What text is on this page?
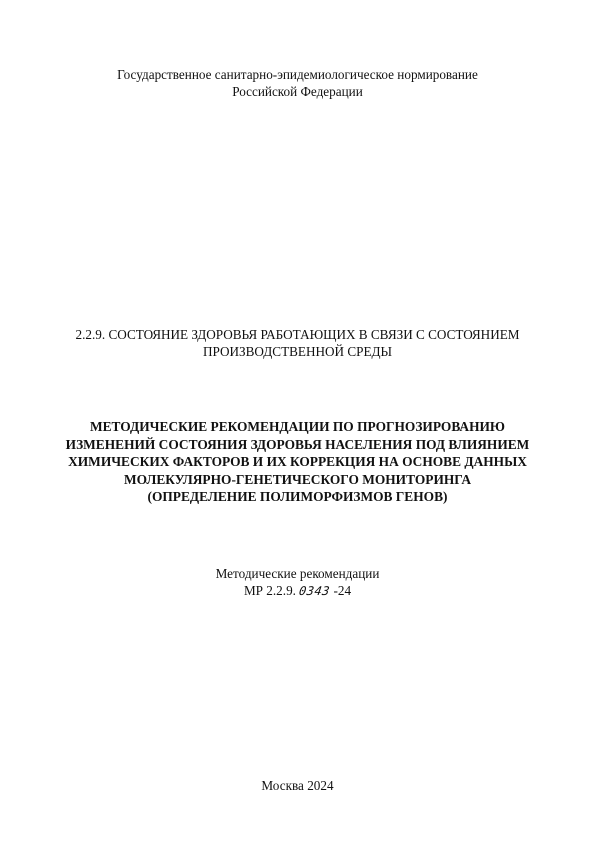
Государственное санитарно-эпидемиологическое нормирование
Российской Федерации
2.2.9. СОСТОЯНИЕ ЗДОРОВЬЯ РАБОТАЮЩИХ В СВЯЗИ С СОСТОЯНИЕМ
ПРОИЗВОДСТВЕННОЙ СРЕДЫ
МЕТОДИЧЕСКИЕ РЕКОМЕНДАЦИИ ПО ПРОГНОЗИРОВАНИЮ
ИЗМЕНЕНИЙ СОСТОЯНИЯ ЗДОРОВЬЯ НАСЕЛЕНИЯ ПОД ВЛИЯНИЕМ
ХИМИЧЕСКИХ ФАКТОРОВ И ИХ КОРРЕКЦИЯ НА ОСНОВЕ ДАННЫХ
МОЛЕКУЛЯРНО-ГЕНЕТИЧЕСКОГО МОНИТОРИНГА
(ОПРЕДЕЛЕНИЕ ПОЛИМОРФИЗМОВ ГЕНОВ)
Методические рекомендации
МР 2.2.9. 0343 -24
Москва 2024
